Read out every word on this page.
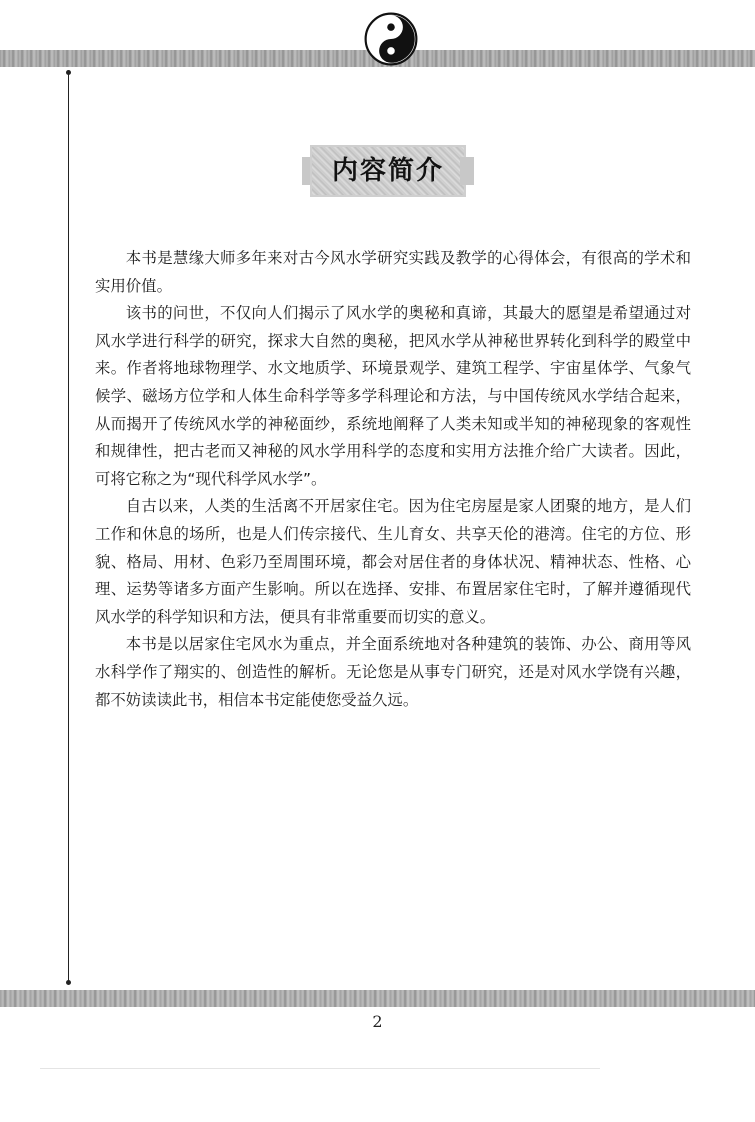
内容简介

本书是慧缘大师多年来对古今风水学研究实践及教学的心得体会，有很高的学术和实用价值。

该书的问世，不仅向人们揭示了风水学的奥秘和真谛，其最大的愿望是希望通过对风水学进行科学的研究，探求大自然的奥秘，把风水学从神秘世界转化到科学的殿堂中来。作者将地球物理学、水文地质学、环境景观学、建筑工程学、宇宙星体学、气象气候学、磁场方位学和人体生命科学等多学科理论和方法，与中国传统风水学结合起来，从而揭开了传统风水学的神秘面纱，系统地阐释了人类未知或半知的神秘现象的客观性和规律性，把古老而又神秘的风水学用科学的态度和实用方法推介给广大读者。因此，可将它称之为“现代科学风水学”。

自古以来，人类的生活离不开居家住宅。因为住宅房屋是家人团聚的地方，是人们工作和休息的场所，也是人们传宗接代、生儿育女、共享天伦的港湾。住宅的方位、形貌、格局、用材、色彩乃至周围环境，都会对居住者的身体状况、精神状态、性格、心理、运势等诸多方面产生影响。所以在选择、安排、布置居家住宅时，了解并遵循现代风水学的科学知识和方法，便具有非常重要而切实的意义。

本书是以居家住宅风水为重点，并全面系统地对各种建筑的装饰、办公、商用等风水科学作了翔实的、创造性的解析。无论您是从事专门研究，还是对风水学饶有兴趣，都不妨读读此书，相信本书定能使您受益久远。

2
